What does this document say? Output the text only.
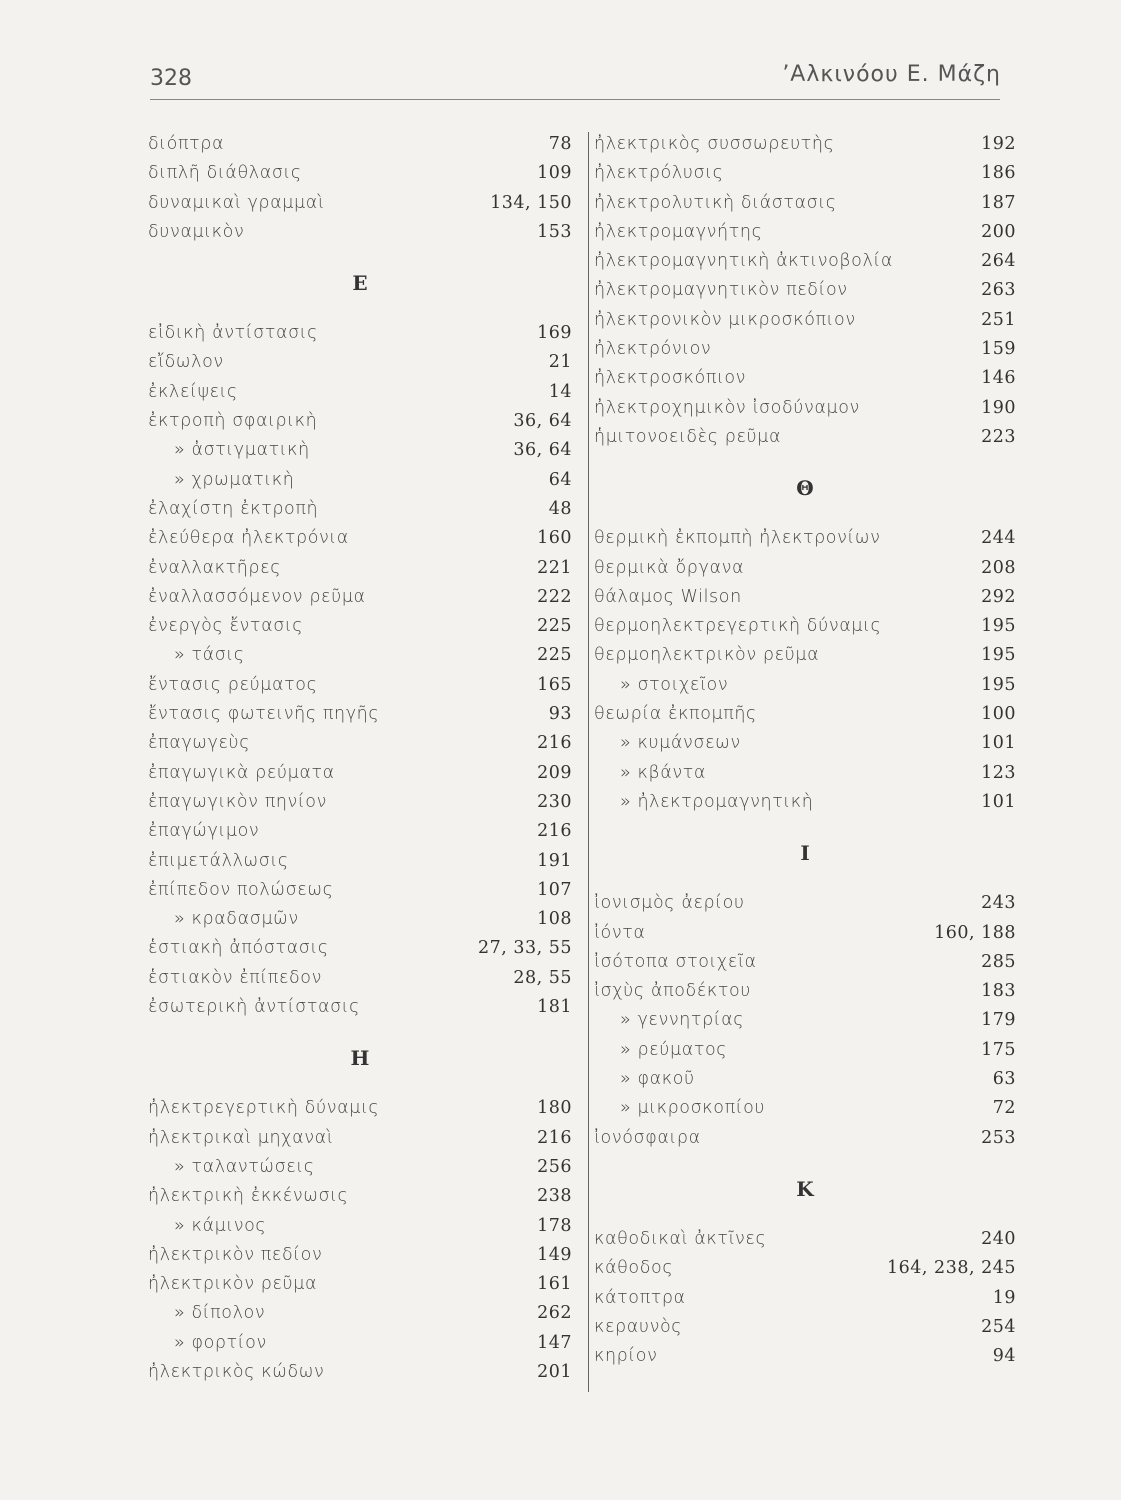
328	’Αλκινόου Ε. Μάζη
διόπτρα	78
διπλῆ διάθλασις	109
δυναμικαὶ γραμμαὶ	134, 150
δυναμικὸν	153
Ε
εἰδικὴ ἀντίστασις	169
εἴδωλον	21
ἐκλείψεις	14
ἐκτροπὴ σφαιρικὴ	36, 64
» ἀστιγματικὴ	36, 64
» χρωματικὴ	64
ἐλαχίστη ἐκτροπὴ	48
ἐλεύθερα ἠλεκτρόνια	160
ἐναλλακτῆρες	221
ἐναλλασσόμενον ρεῦμα	222
ἐνεργὸς ἔντασις	225
» τάσις	225
ἔντασις ρεύματος	165
ἔντασις φωτεινῆς πηγῆς	93
ἐπαγωγεὺς	216
ἐπαγωγικὰ ρεύματα	209
ἐπαγωγικὸν πηνίον	230
ἐπαγώγιμον	216
ἐπιμετάλλωσις	191
ἐπίπεδον πολώσεως	107
» κραδασμῶν	108
ἑστιακὴ ἀπόστασις	27, 33, 55
ἑστιακὸν ἐπίπεδον	28, 55
ἐσωτερικὴ ἀντίστασις	181
Η
ἠλεκτρεγερτικὴ δύναμις	180
ἠλεκτρικαὶ μηχαναὶ	216
» ταλαντώσεις	256
ἠλεκτρικὴ ἐκκένωσις	238
» κάμινος	178
ἠλεκτρικὸν πεδίον	149
ἠλεκτρικὸν ρεῦμα	161
» δίπολον	262
» φορτίον	147
ἠλεκτρικὸς κώδων	201
ἠλεκτρικὸς συσσωρευτὴς	192
ἠλεκτρόλυσις	186
ἠλεκτρολυτικὴ διάστασις	187
ἠλεκτρομαγνήτης	200
ἠλεκτρομαγνητικὴ ἀκτινοβολία	264
ἠλεκτρομαγνητικὸν πεδίον	263
ἠλεκτρονικὸν μικροσκόπιον	251
ἠλεκτρόνιον	159
ἠλεκτροσκόπιον	146
ἠλεκτροχημικὸν ἰσοδύναμον	190
ἡμιτονοειδὲς ρεῦμα	223
Θ
θερμικὴ ἐκπομπὴ ἠλεκτρονίων	244
θερμικὰ ὄργανα	208
θάλαμος Wilson	292
θερμοηλεκτρεγερτικὴ δύναμις	195
θερμοηλεκτρικὸν ρεῦμα	195
» στοιχεῖον	195
θεωρία ἐκπομπῆς	100
» κυμάνσεων	101
» κβάντα	123
» ἠλεκτρομαγνητικὴ	101
Ι
ἰονισμὸς ἀερίου	243
ἰόντα	160, 188
ἰσότοπα στοιχεῖα	285
ἰσχὺς ἀποδέκτου	183
» γεννητρίας	179
» ρεύματος	175
» φακοῦ	63
» μικροσκοπίου	72
ἰονόσφαιρα	253
Κ
καθοδικαὶ ἀκτῖνες	240
κάθοδος	164, 238, 245
κάτοπτρα	19
κεραυνὸς	254
κηρίον	94
